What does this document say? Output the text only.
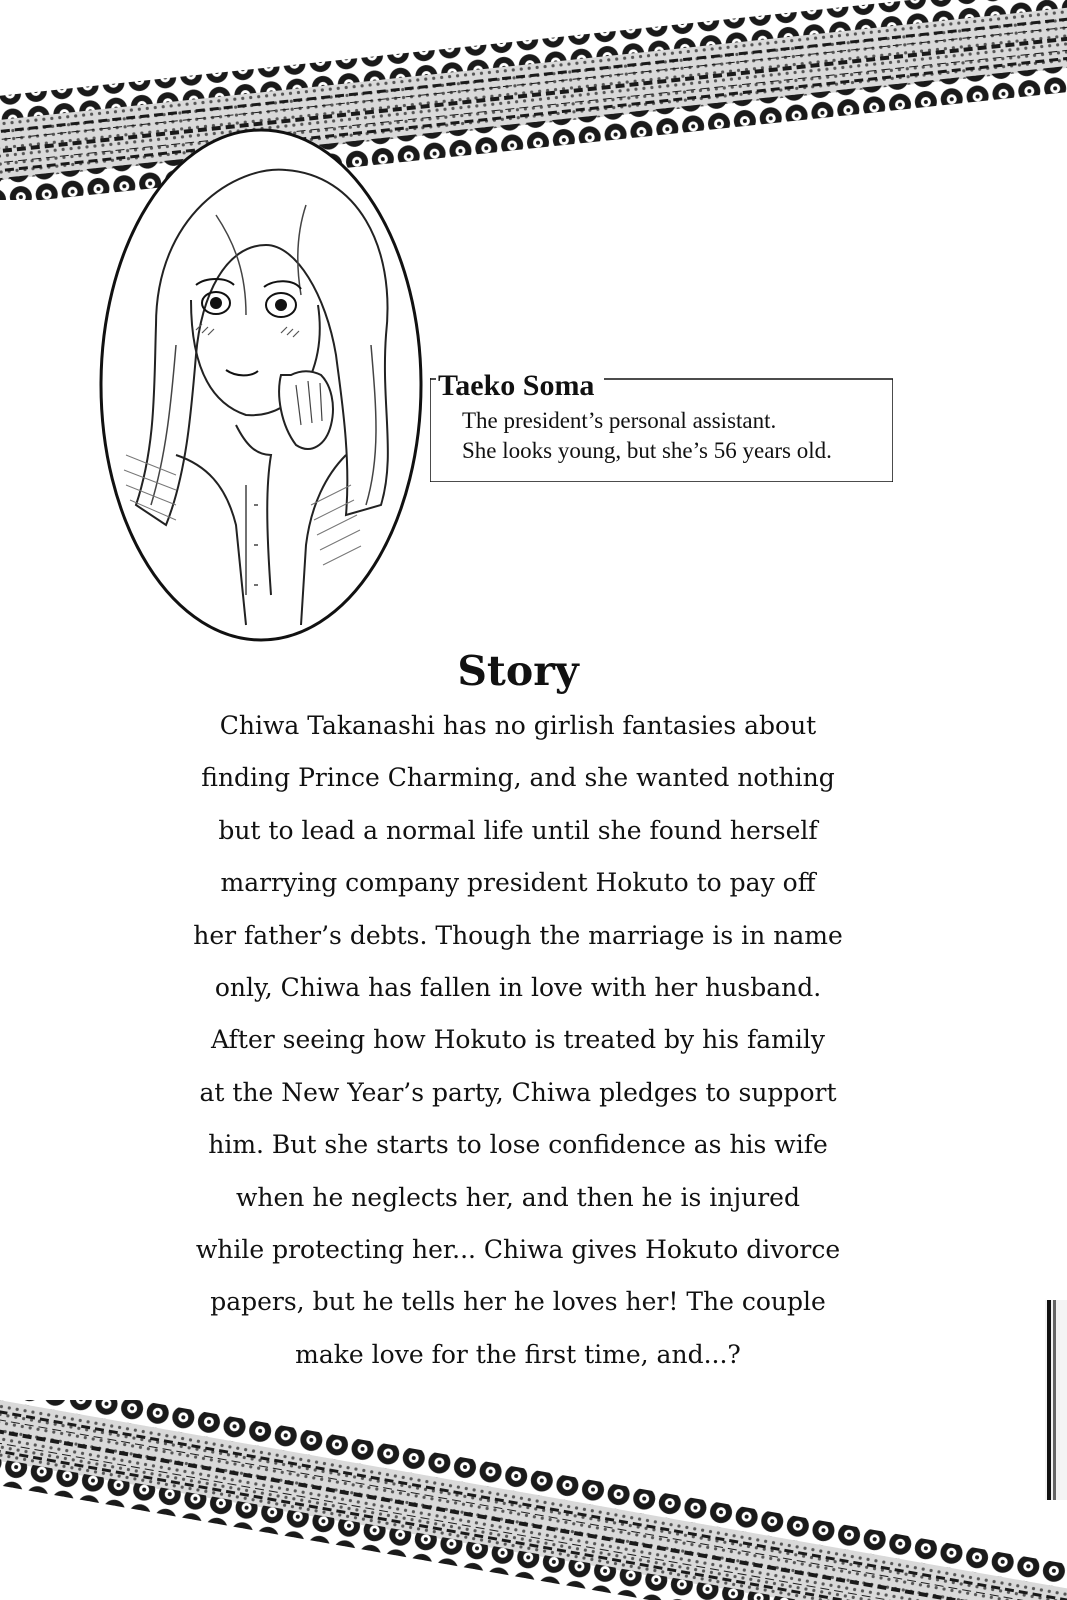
Taeko Soma

The president’s personal assistant.
She looks young, but she’s 56 years old.

Story

Chiwa Takanashi has no girlish fantasies about
finding Prince Charming, and she wanted nothing
but to lead a normal life until she found herself
marrying company president Hokuto to pay off
her father’s debts. Though the marriage is in name
only, Chiwa has fallen in love with her husband.
After seeing how Hokuto is treated by his family
at the New Year’s party, Chiwa pledges to support
him. But she starts to lose confidence as his wife
when he neglects her, and then he is injured
while protecting her... Chiwa gives Hokuto divorce
papers, but he tells her he loves her! The couple
make love for the first time, and...?
